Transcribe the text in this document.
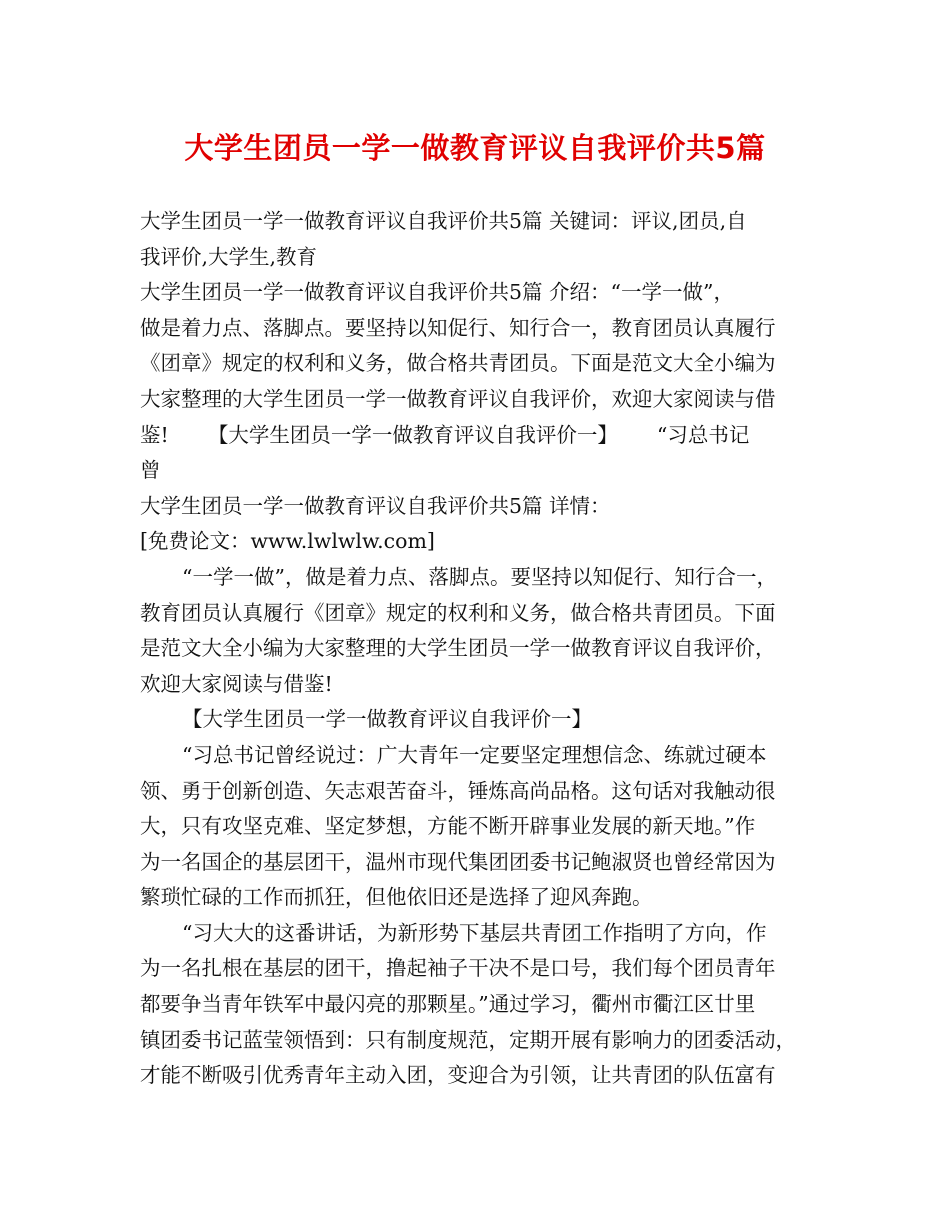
大学生团员一学一做教育评议自我评价共5篇
大学生团员一学一做教育评议自我评价共5篇 关键词：评议,团员,自
我评价,大学生,教育
大学生团员一学一做教育评议自我评价共5篇 介绍：“一学一做”，
做是着力点、落脚点。要坚持以知促行、知行合一，教育团员认真履行
《团章》规定的权利和义务，做合格共青团员。下面是范文大全小编为
大家整理的大学生团员一学一做教育评议自我评价，欢迎大家阅读与借
鉴!      【大学生团员一学一做教育评议自我评价一】      “习总书记
曾
大学生团员一学一做教育评议自我评价共5篇 详情：
[免费论文：www.lwlwlw.com]
“一学一做”，做是着力点、落脚点。要坚持以知促行、知行合一，
教育团员认真履行《团章》规定的权利和义务，做合格共青团员。下面
是范文大全小编为大家整理的大学生团员一学一做教育评议自我评价，
欢迎大家阅读与借鉴!
【大学生团员一学一做教育评议自我评价一】
“习总书记曾经说过：广大青年一定要坚定理想信念、练就过硬本
领、勇于创新创造、矢志艰苦奋斗，锤炼高尚品格。这句话对我触动很
大，只有攻坚克难、坚定梦想，方能不断开辟事业发展的新天地。”作
为一名国企的基层团干，温州市现代集团团委书记鲍淑贤也曾经常因为
繁琐忙碌的工作而抓狂，但他依旧还是选择了迎风奔跑。
“习大大的这番讲话，为新形势下基层共青团工作指明了方向，作
为一名扎根在基层的团干，撸起袖子干决不是口号，我们每个团员青年
都要争当青年铁军中最闪亮的那颗星。”通过学习，衢州市衢江区廿里
镇团委书记蓝莹领悟到：只有制度规范，定期开展有影响力的团委活动，
才能不断吸引优秀青年主动入团，变迎合为引领，让共青团的队伍富有
